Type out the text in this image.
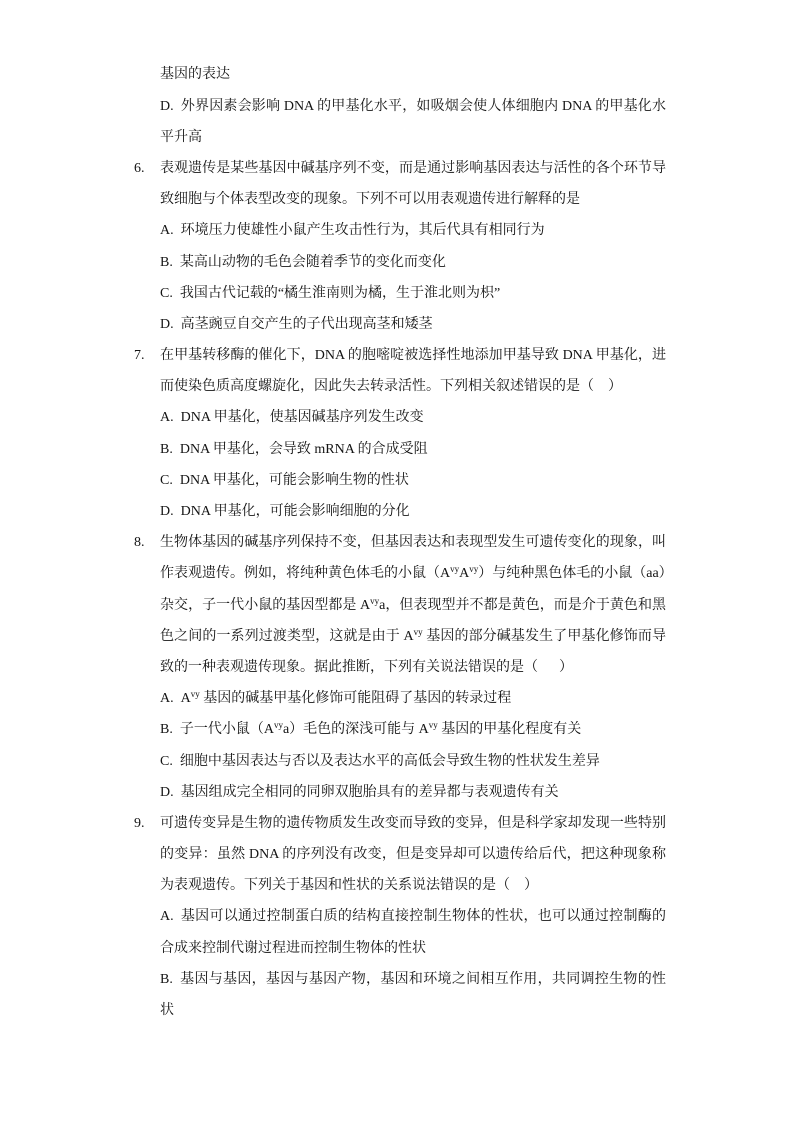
基因的表达
D. 外界因素会影响 DNA 的甲基化水平，如吸烟会使人体细胞内 DNA 的甲基化水
平升高
6. 表观遗传是某些基因中碱基序列不变，而是通过影响基因表达与活性的各个环节导
致细胞与个体表型改变的现象。下列不可以用表观遗传进行解释的是
A. 环境压力使雄性小鼠产生攻击性行为，其后代具有相同行为
B. 某高山动物的毛色会随着季节的变化而变化
C. 我国古代记载的“橘生淮南则为橘，生于淮北则为枳”
D. 高茎豌豆自交产生的子代出现高茎和矮茎
7. 在甲基转移酶的催化下，DNA 的胞嘧啶被选择性地添加甲基导致 DNA 甲基化，进
而使染色质高度螺旋化，因此失去转录活性。下列相关叙述错误的是（    ）
A. DNA 甲基化，使基因碱基序列发生改变
B. DNA 甲基化，会导致 mRNA 的合成受阻
C. DNA 甲基化，可能会影响生物的性状
D. DNA 甲基化，可能会影响细胞的分化
8. 生物体基因的碱基序列保持不变，但基因表达和表现型发生可遗传变化的现象，叫
作表观遗传。例如，将纯种黄色体毛的小鼠$(A^{vy}A^{vy})$与纯种黑色体毛的小鼠（aa）
杂交，子一代小鼠的基因型都是 $A^{vy}a$，但表现型并不都是黄色，而是介于黄色和黑
色之间的一系列过渡类型，这就是由于 $A^{vy}$ 基因的部分碱基发生了甲基化修饰而导
致的一种表观遗传现象。据此推断，下列有关说法错误的是（      ）
A. $A^{vy}$ 基因的碱基甲基化修饰可能阻碍了基因的转录过程
B. 子一代小鼠$(A^{vy}a)$毛色的深浅可能与 $A^{vy}$ 基因的甲基化程度有关
C. 细胞中基因表达与否以及表达水平的高低会导致生物的性状发生差异
D. 基因组成完全相同的同卵双胞胎具有的差异都与表观遗传有关
9. 可遗传变异是生物的遗传物质发生改变而导致的变异，但是科学家却发现一些特别
的变异：虽然 DNA 的序列没有改变，但是变异却可以遗传给后代，把这种现象称
为表观遗传。下列关于基因和性状的关系说法错误的是（    ）
A. 基因可以通过控制蛋白质的结构直接控制生物体的性状，也可以通过控制酶的
合成来控制代谢过程进而控制生物体的性状
B. 基因与基因，基因与基因产物，基因和环境之间相互作用，共同调控生物的性
状
